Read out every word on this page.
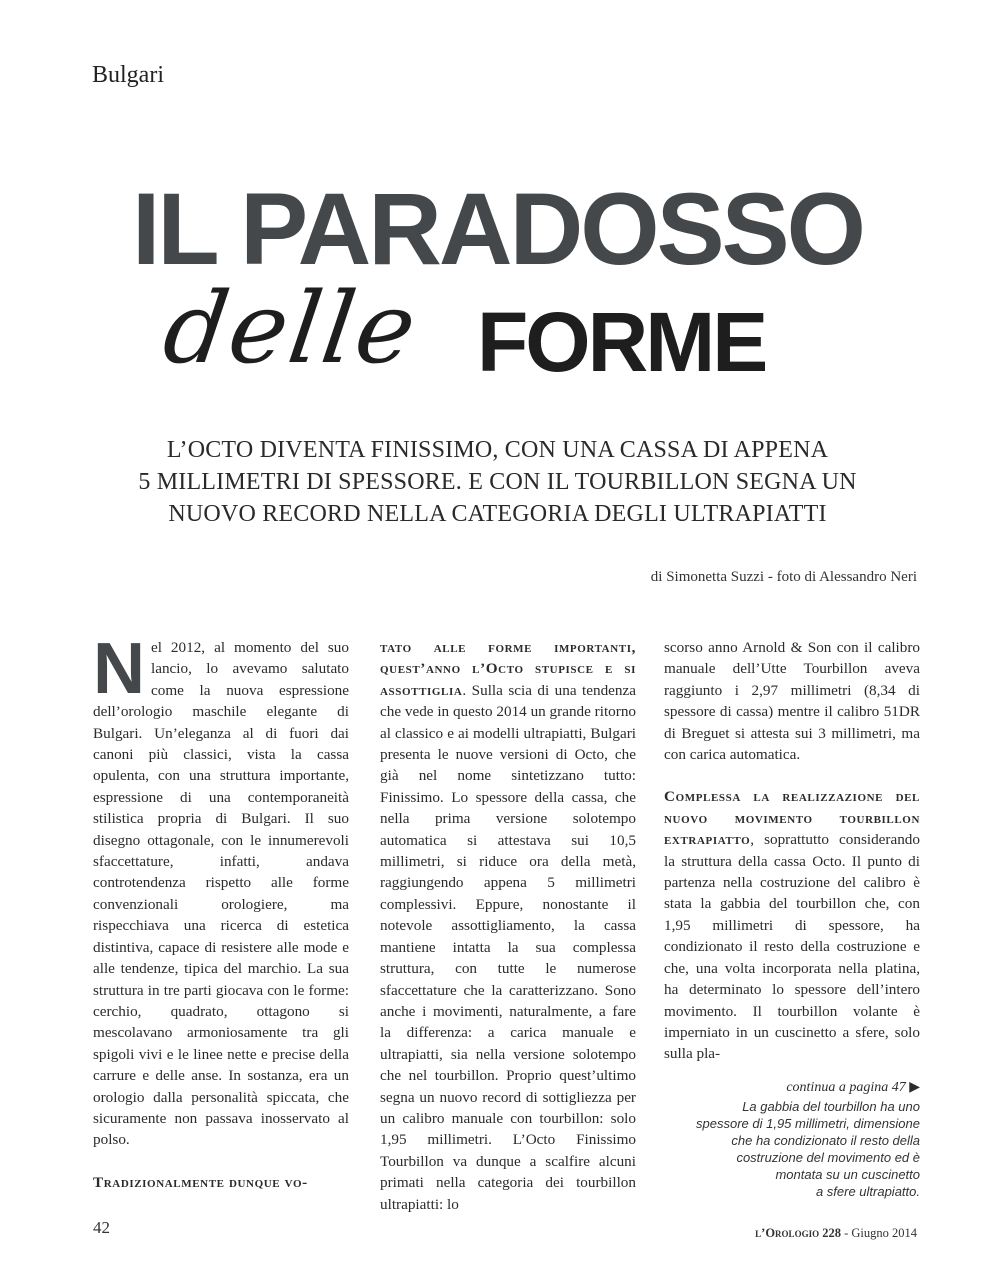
Bulgari
IL PARADOSSO
delle FORME
L’OCTO DIVENTA FINISSIMO, CON UNA CASSA DI APPENA
5 MILLIMETRI DI SPESSORE. E CON IL TOURBILLON SEGNA UN
NUOVO RECORD NELLA CATEGORIA DEGLI ULTRAPIATTI
di Simonetta Suzzi - foto di Alessandro Neri

Nel 2012, al momento del suo lancio, lo avevamo salutato come la nuova espressione dell’orologio maschile elegante di Bulgari. Un’eleganza al di fuori dai canoni più classici, vista la cassa opulenta, con una struttura importante, espressione di una contemporaneità stilistica propria di Bulgari. Il suo disegno ottagonale, con le innumerevoli sfaccettature, infatti, andava controtendenza rispetto alle forme convenzionali orologiere, ma rispecchiava una ricerca di estetica distintiva, capace di resistere alle mode e alle tendenze, tipica del marchio. La sua struttura in tre parti giocava con le forme: cerchio, quadrato, ottagono si mescolavano armoniosamente tra gli spigoli vivi e le linee nette e precise della carrure e delle anse. In sostanza, era un orologio dalla personalità spiccata, che sicuramente non passava inosservato al polso.

Tradizionalmente dunque vo-

tato alle forme importanti, quest’anno l’Octo stupisce e si assottiglia. Sulla scia di una tendenza che vede in questo 2014 un grande ritorno al classico e ai modelli ultrapiatti, Bulgari presenta le nuove versioni di Octo, che già nel nome sintetizzano tutto: Finissimo. Lo spessore della cassa, che nella prima versione solotempo automatica si attestava sui 10,5 millimetri, si riduce ora della metà, raggiungendo appena 5 millimetri complessivi. Eppure, nonostante il notevole assottigliamento, la cassa mantiene intatta la sua complessa struttura, con tutte le numerose sfaccettature che la caratterizzano. Sono anche i movimenti, naturalmente, a fare la differenza: a carica manuale e ultrapiatti, sia nella versione solotempo che nel tourbillon. Proprio quest’ultimo segna un nuovo record di sottigliezza per un calibro manuale con tourbillon: solo 1,95 millimetri. L’Octo Finissimo Tourbillon va dunque a scalfire alcuni primati nella categoria dei tourbillon ultrapiatti: lo

scorso anno Arnold & Son con il calibro manuale dell’Utte Tourbillon aveva raggiunto i 2,97 millimetri (8,34 di spessore di cassa) mentre il calibro 51DR di Breguet si attesta sui 3 millimetri, ma con carica automatica.

Complessa la realizzazione del nuovo movimento tourbillon extrapiatto, soprattutto considerando la struttura della cassa Octo. Il punto di partenza nella costruzione del calibro è stata la gabbia del tourbillon che, con 1,95 millimetri di spessore, ha condizionato il resto della costruzione e che, una volta incorporata nella platina, ha determinato lo spessore dell’intero movimento. Il tourbillon volante è imperniato in un cuscinetto a sfere, solo sulla pla-

continua a pagina 47 ▶
La gabbia del tourbillon ha uno
spessore di 1,95 millimetri, dimensione
che ha condizionato il resto della
costruzione del movimento ed è
montata su un cuscinetto
a sfere ultrapiatto.
42	l’Orologio 228 - Giugno 2014
